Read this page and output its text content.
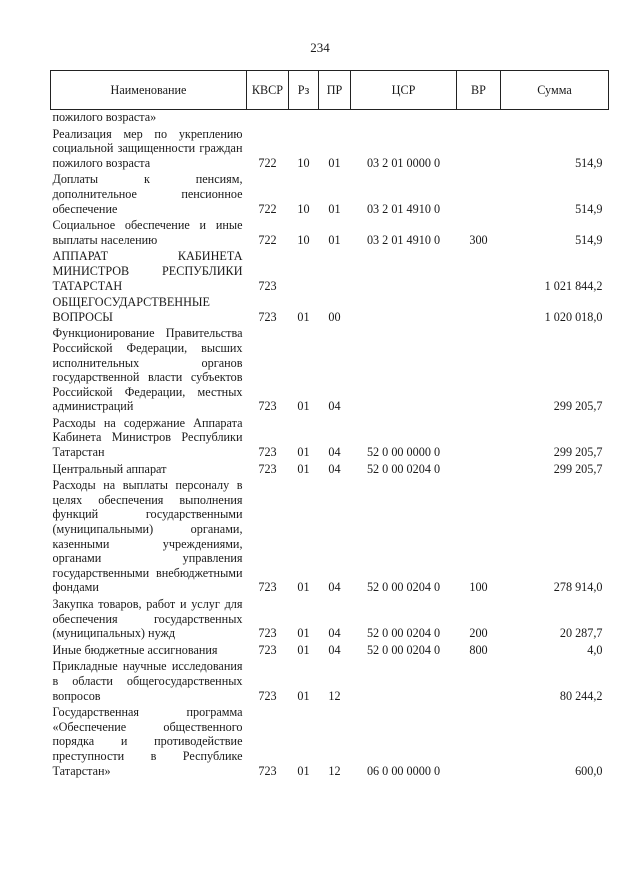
234
Наименование	КВСР	Рз	ПР	ЦСР	ВР	Сумма
пожилого возраста»						
Реализация мер по укреплению социальной защищенности граждан пожилого возраста	722	10	01	03 2 01 0000 0		514,9
Доплаты к пенсиям, дополнительное пенсионное обеспечение	722	10	01	03 2 01 4910 0		514,9
Социальное обеспечение и иные выплаты населению	722	10	01	03 2 01 4910 0	300	514,9
АППАРАТ КАБИНЕТА МИНИСТРОВ РЕСПУБЛИКИ ТАТАРСТАН	723					1 021 844,2
ОБЩЕГОСУДАРСТВЕННЫЕ ВОПРОСЫ	723	01	00			1 020 018,0
Функционирование Правительства Российской Федерации, высших исполнительных органов государственной власти субъектов Российской Федерации, местных администраций	723	01	04			299 205,7
Расходы на содержание Аппарата Кабинета Министров Республики Татарстан	723	01	04	52 0 00 0000 0		299 205,7
Центральный аппарат	723	01	04	52 0 00 0204 0		299 205,7
Расходы на выплаты персоналу в целях обеспечения выполнения функций государственными (муниципальными) органами, казенными учреждениями, органами управления государственными внебюджетными фондами	723	01	04	52 0 00 0204 0	100	278 914,0
Закупка товаров, работ и услуг для обеспечения государственных (муниципальных) нужд	723	01	04	52 0 00 0204 0	200	20 287,7
Иные бюджетные ассигнования	723	01	04	52 0 00 0204 0	800	4,0
Прикладные научные исследования в области общегосударственных вопросов	723	01	12			80 244,2
Государственная программа «Обеспечение общественного порядка и противодействие преступности в Республике Татарстан»	723	01	12	06 0 00 0000 0		600,0
